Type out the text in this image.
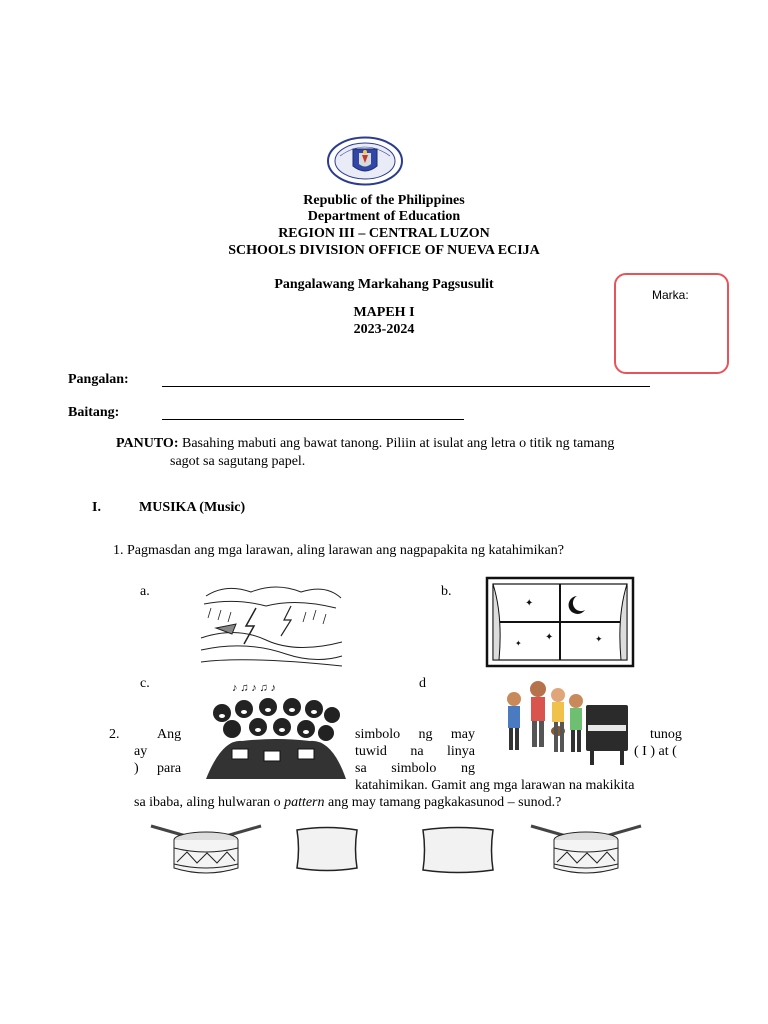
Republic of the Philippines
Department of Education
REGION III – CENTRAL LUZON
SCHOOLS DIVISION OFFICE OF NUEVA ECIJA
Pangalawang Markahang Pagsusulit
MAPEH I
2023-2024
Marka:
Pangalan:
Baitang:
PANUTO: Basahing mabuti ang bawat tanong. Piliin at isulat ang letra o titik ng tamang
sagot sa sagutang papel.
I.	MUSIKA (Music)
1. Pagmasdan ang mga larawan, aling larawan ang nagpapakita ng katahimikan?
a.	b.
✦
✦	✦
✦
c.	d
♪ ♫ ♪ ♫ ♪
2.	Ang	simbolo ng may	tunog
ay	tuwid na linya	( I ) at (
) para	sa simbolo ng
katahimikan. Gamit ang mga larawan na makikita
sa ibaba, aling hulwaran o pattern ang may tamang pagkakasunod – sunod.?
